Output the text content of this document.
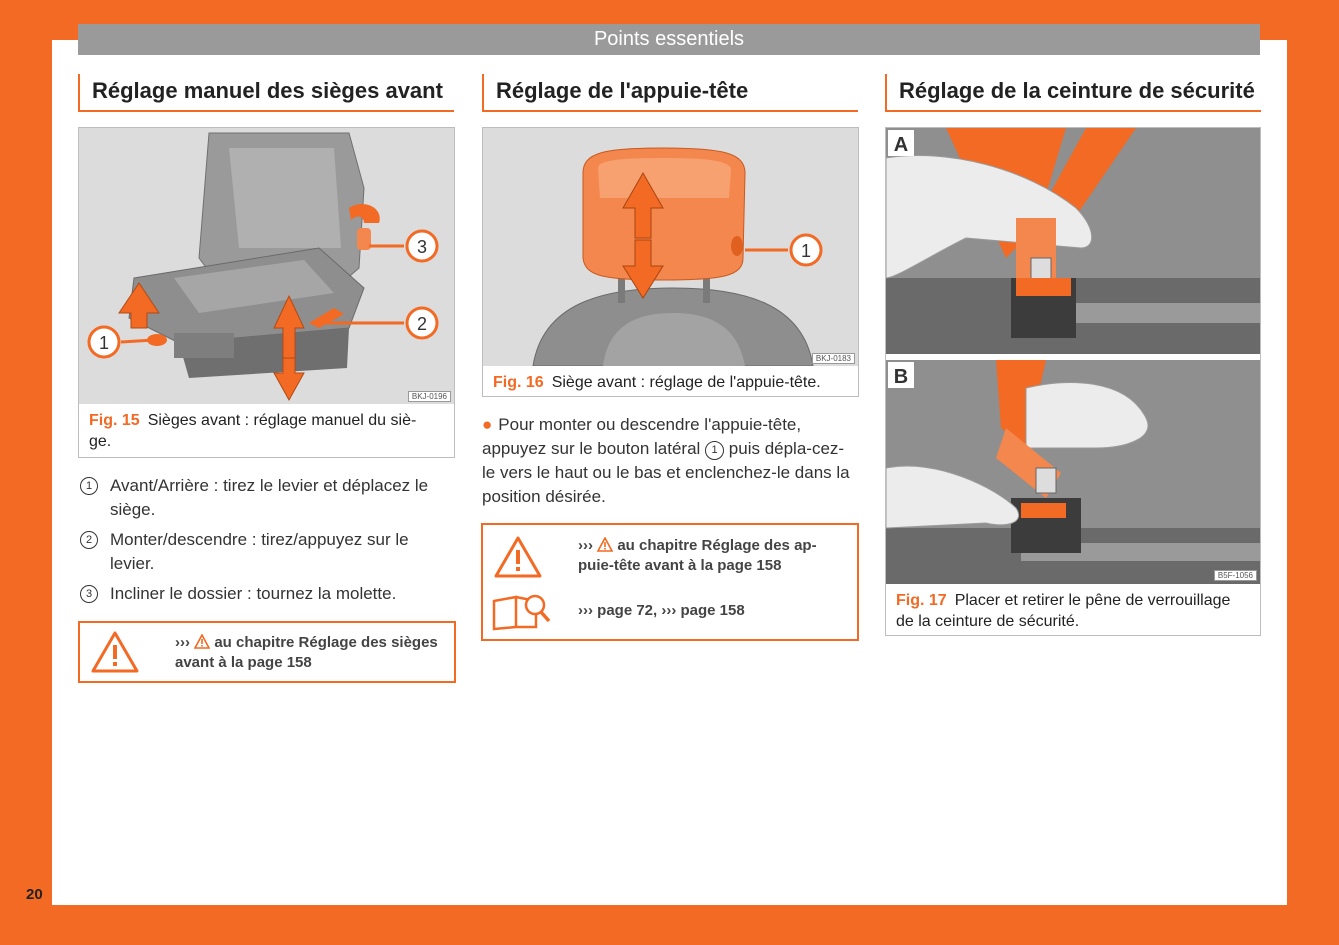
Points essentiels
20
Réglage manuel des sièges avant
1
2
3
BKJ-0196
Fig. 15 Sièges avant : réglage manuel du siè-
ge.
1	Avant/Arrière : tirez le levier et déplacez le siège.
2	Monter/descendre : tirez/appuyez sur le levier.
3	Incliner le dossier : tournez la molette.
››› au chapitre Réglage des sièges
avant à la page 158
Réglage de l'appuie-tête
1
BKJ-0183
Fig. 16 Siège avant : réglage de l'appuie-tête.
● Pour monter ou descendre l'appuie-tête, appuyez sur le bouton latéral 1 puis dépla-cez-le vers le haut ou le bas et enclenchez-le dans la position désirée.
››› au chapitre Réglage des ap-
puie-tête avant à la page 158
››› page 72, ››› page 158
Réglage de la ceinture de sécurité
A
B
B5F-1056
Fig. 17 Placer et retirer le pêne de verrouillage
de la ceinture de sécurité.
